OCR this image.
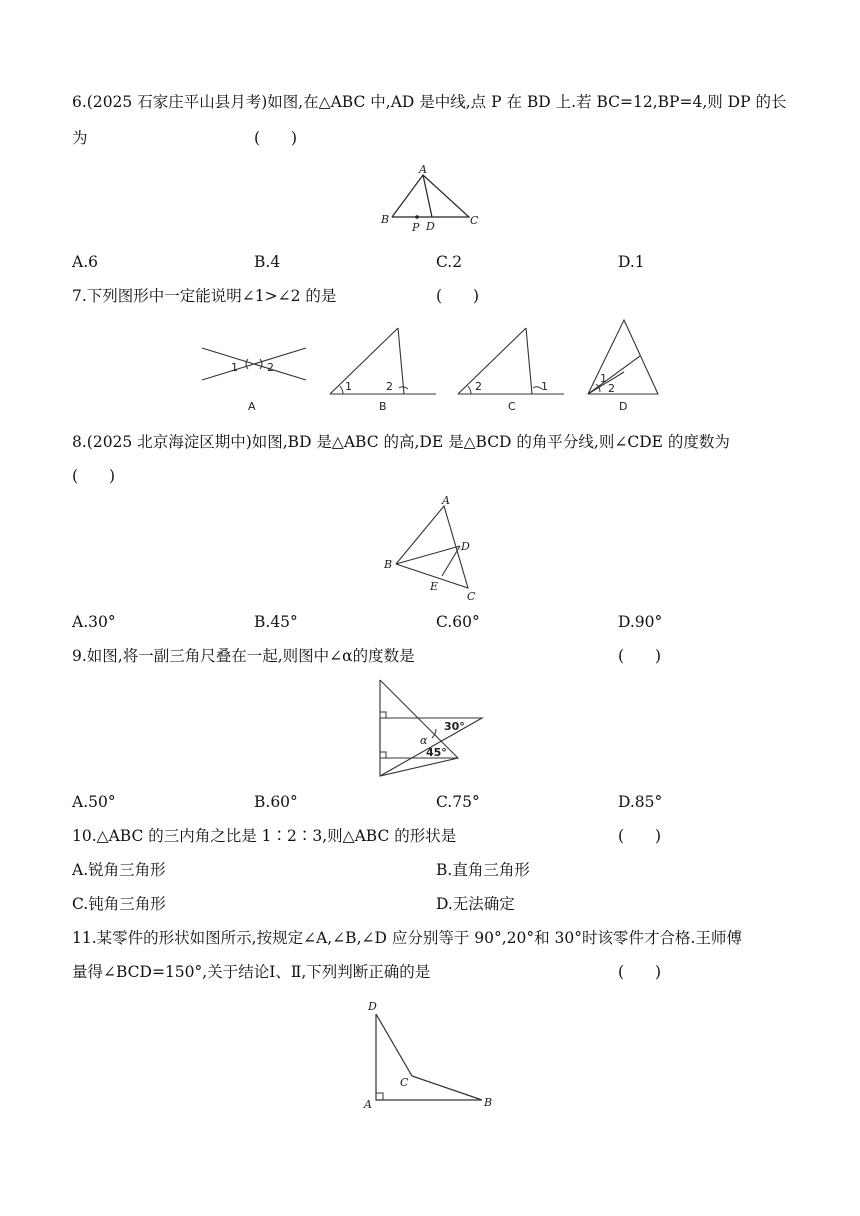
6.(2025 石家庄平山县月考)如图,在△ABC 中,AD 是中线,点 P 在 BD 上.若 BC=12,BP=4,则 DP 的长
为	(　　)
A
B
P D	C
A.6	B.4	C.2	D.1
7.下列图形中一定能说明∠1>∠2 的是	(　　)
1	2
A
1	2
B
2	1
C
1
2
D
8.(2025 北京海淀区期中)如图,BD 是△ABC 的高,DE 是△BCD 的角平分线,则∠CDE 的度数为
(　　)
A
D
B
E
C
A.30°	B.45°	C.60°	D.90°
9.如图,将一副三角尺叠在一起,则图中∠α的度数是	(　　)
30°
α
45°
A.50°	B.60°	C.75°	D.85°
10.△ABC 的三内角之比是 1∶2∶3,则△ABC 的形状是	(　　)
A.锐角三角形	B.直角三角形
C.钝角三角形	D.无法确定
11.某零件的形状如图所示,按规定∠A,∠B,∠D 应分别等于 90°,20°和 30°时该零件才合格.王师傅
量得∠BCD=150°,关于结论Ⅰ、Ⅱ,下列判断正确的是	(　　)
D
C
A	B
